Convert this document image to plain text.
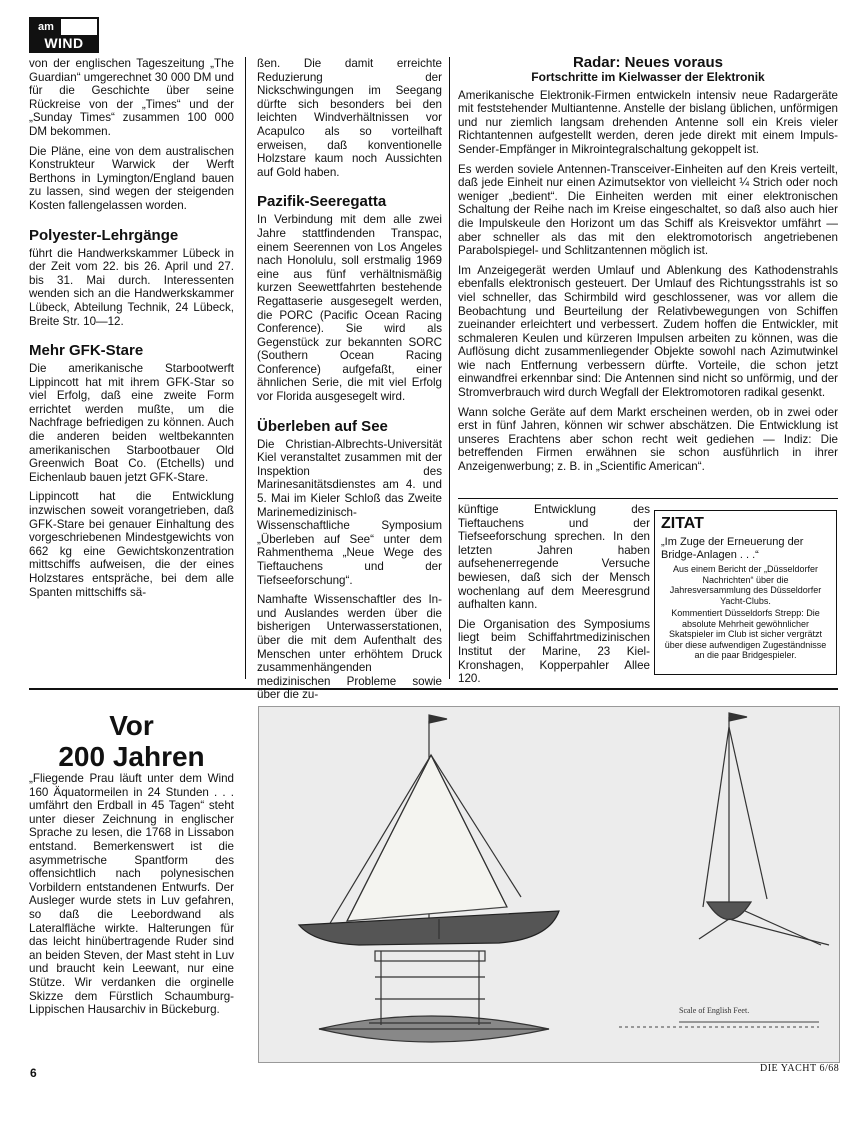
am
WIND

von der englischen Tageszeitung „The Guardian“ umgerechnet 30 000 DM und für die Geschichte über seine Rückreise von der „Times“ und der „Sunday Times“ zusammen 100 000 DM bekommen.

Die Pläne, eine von dem australischen Konstrukteur Warwick der Werft Berthons in Lymington/England bauen zu lassen, sind wegen der steigenden Kosten fallengelassen worden.

Polyester-Lehrgänge

führt die Handwerkskammer Lübeck in der Zeit vom 22. bis 26. April und 27. bis 31. Mai durch. Interessenten wenden sich an die Handwerkskammer Lübeck, Abteilung Technik, 24 Lübeck, Breite Str. 10—12.

Mehr GFK-Stare

Die amerikanische Starbootwerft Lippincott hat mit ihrem GFK-Star so viel Erfolg, daß eine zweite Form errichtet werden mußte, um die Nachfrage befriedigen zu können. Auch die anderen beiden weltbekannten amerikanischen Starbootbauer Old Greenwich Boat Co. (Etchells) und Eichenlaub bauen jetzt GFK-Stare.

Lippincott hat die Entwicklung inzwischen soweit vorangetrieben, daß GFK-Stare bei genauer Einhaltung des vorgeschriebenen Mindestgewichts von 662 kg eine Gewichtskonzentration mittschiffs aufweisen, die der eines Holzstares entspräche, bei dem alle Spanten mittschiffs sä-

ßen. Die damit erreichte Reduzierung der Nickschwingungen im Seegang dürfte sich besonders bei den leichten Windverhältnissen vor Acapulco als so vorteilhaft erweisen, daß konventionelle Holzstare kaum noch Aussichten auf Gold haben.

Pazifik-Seeregatta

In Verbindung mit dem alle zwei Jahre stattfindenden Transpac, einem Seerennen von Los Angeles nach Honolulu, soll erstmalig 1969 eine aus fünf verhältnismäßig kurzen Seewettfahrten bestehende Regattaserie ausgesegelt werden, die PORC (Pacific Ocean Racing Conference). Sie wird als Gegenstück zur bekannten SORC (Southern Ocean Racing Conference) aufgefaßt, einer ähnlichen Serie, die mit viel Erfolg vor Florida ausgesegelt wird.

Überleben auf See

Die Christian-Albrechts-Universität Kiel veranstaltet zusammen mit der Inspektion des Marinesanitätsdienstes am 4. und 5. Mai im Kieler Schloß das Zweite Marinemedizinisch-Wissenschaftliche Symposium „Überleben auf See“ unter dem Rahmenthema „Neue Wege des Tieftauchens und der Tiefseeforschung“.

Namhafte Wissenschaftler des In- und Auslandes werden über die bisherigen Unterwasserstationen, über die mit dem Aufenthalt des Menschen unter erhöhtem Druck zusammenhängenden medizinischen Probleme sowie über die zu-

Radar: Neues voraus
Fortschritte im Kielwasser der Elektronik

Amerikanische Elektronik-Firmen entwickeln intensiv neue Radargeräte mit feststehender Multiantenne. Anstelle der bislang üblichen, unförmigen und nur ziemlich langsam drehenden Antenne soll ein Kreis vieler Richtantennen aufgestellt werden, deren jede direkt mit einem Impuls-Sender-Empfänger in Mikrointegralschaltung gekoppelt ist.

Es werden soviele Antennen-Transceiver-Einheiten auf den Kreis verteilt, daß jede Einheit nur einen Azimutsektor von vielleicht ¼ Strich oder noch weniger „bedient“. Die Einheiten werden mit einer elektronischen Schaltung der Reihe nach im Kreise eingeschaltet, so daß also auch hier die Impulskeule den Horizont um das Schiff als Kreisvektor umfährt — aber schneller als das mit den elektromotorisch angetriebenen Parabolspiegel- und Schlitzantennen möglich ist.

Im Anzeigegerät werden Umlauf und Ablenkung des Kathodenstrahls ebenfalls elektronisch gesteuert. Der Umlauf des Richtungsstrahls ist so viel schneller, das Schirmbild wird geschlossener, was vor allem die Beobachtung und Beurteilung der Relativbewegungen von Schiffen zueinander erleichtert und verbessert. Zudem hoffen die Entwickler, mit schmaleren Keulen und kürzeren Impulsen arbeiten zu können, was die Auflösung dicht zusammenliegender Objekte sowohl nach Azimutwinkel wie nach Entfernung verbessern dürfte. Vorteile, die schon jetzt einwandfrei erkennbar sind: Die Antennen sind nicht so unförmig, und der Stromverbrauch wird durch Wegfall der Elektromotoren radikal gesenkt.

Wann solche Geräte auf dem Markt erscheinen werden, ob in zwei oder erst in fünf Jahren, können wir schwer abschätzen. Die Entwicklung ist unseres Erachtens aber schon recht weit gediehen — Indiz: Die betreffenden Firmen erwähnen sie schon ausführlich in ihrer Anzeigenwerbung; z. B. in „Scientific American“.

künftige Entwicklung des Tieftauchens und der Tiefseeforschung sprechen. In den letzten Jahren haben aufsehenerregende Versuche bewiesen, daß sich der Mensch wochenlang auf dem Meeresgrund aufhalten kann.

Die Organisation des Symposiums liegt beim Schiffahrtmedizinischen Institut der Marine, 23 Kiel-Kronshagen, Kopperpahler Allee 120.

ZITAT

„Im Zuge der Erneuerung der Bridge-Anlagen . . .“

Aus einem Bericht der „Düsseldorfer Nachrichten“ über die Jahresversammlung des Düsseldorfer Yacht-Clubs.

Kommentiert Düsseldorfs Strepp: Die absolute Mehrheit gewöhnlicher Skatspieler im Club ist sicher vergrätzt über diese aufwendigen Zugeständnisse an die paar Bridgespieler.

Vor
200 Jahren
„Fliegende Prau läuft unter dem Wind 160 Äquatormeilen in 24 Stunden . . . umfährt den Erdball in 45 Tagen“ steht unter dieser Zeichnung in englischer Sprache zu lesen, die 1768 in Lissabon entstand. Bemerkenswert ist die asymmetrische Spantform des offensichtlich nach polynesischen Vorbildern entstandenen Entwurfs. Der Ausleger wurde stets in Luv gefahren, so daß die Leebordwand als Lateralfläche wirkte. Halterungen für das leicht hinübertragende Ruder sind an beiden Steven, der Mast steht in Luv und braucht kein Leewant, nur eine Stütze. Wir verdanken die orginelle Skizze dem Fürstlich Schaumburg-Lippischen Hausarchiv in Bückeburg.	Scale of English Feet.
6	DIE YACHT 6/68
